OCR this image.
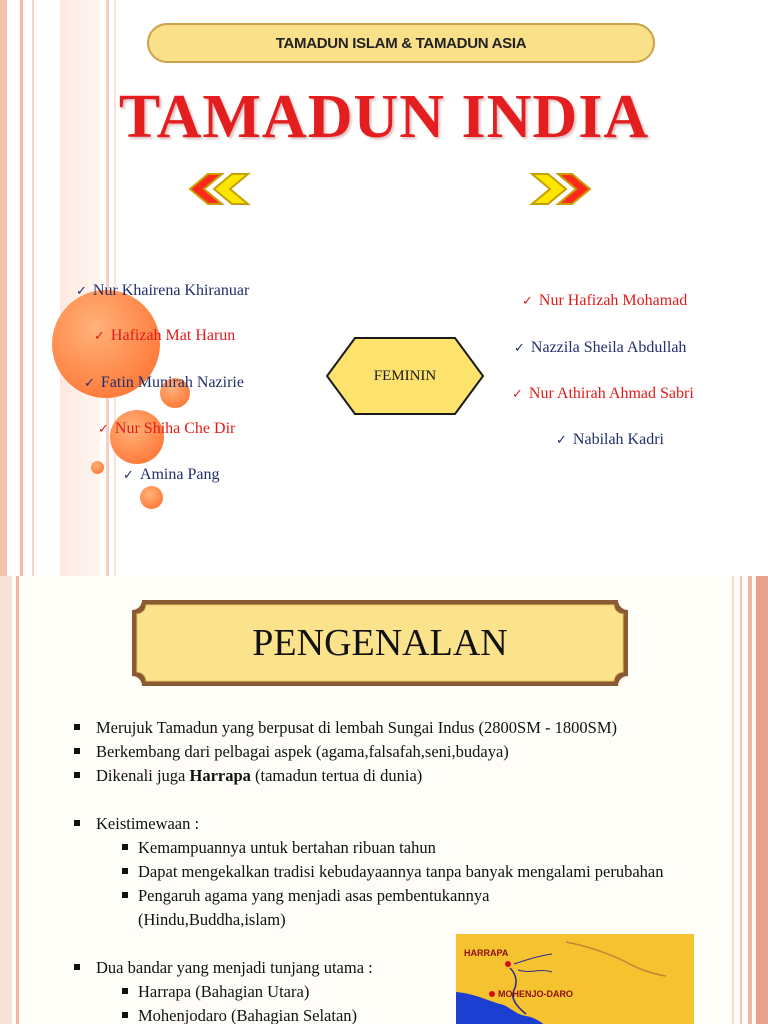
TAMADUN ISLAM & TAMADUN ASIA
TAMADUN INDIA
✓ Nur Khairena Khiranuar
✓ Hafizah Mat Harun
✓ Fatin Munirah Nazirie
✓ Nur Shiha Che Dir
✓ Amina Pang
FEMININ
✓ Nur Hafizah Mohamad
✓ Nazzila Sheila Abdullah
✓ Nur Athirah Ahmad Sabri
✓ Nabilah Kadri
PENGENALAN
Merujuk Tamadun yang berpusat di lembah Sungai Indus (2800SM - 1800SM)
Berkembang dari pelbagai aspek (agama,falsafah,seni,budaya)
Dikenali juga Harrapa (tamadun tertua di dunia)
Keistimewaan :
Kemampuannya untuk bertahan ribuan tahun
Dapat mengekalkan tradisi kebudayaannya tanpa banyak mengalami perubahan
Pengaruh agama yang menjadi asas pembentukannya (Hindu,Buddha,islam)
Dua bandar yang menjadi tunjang utama :
Harrapa (Bahagian Utara)
Mohenjodaro (Bahagian Selatan)
HARRAPA
MOHENJO-DARO
